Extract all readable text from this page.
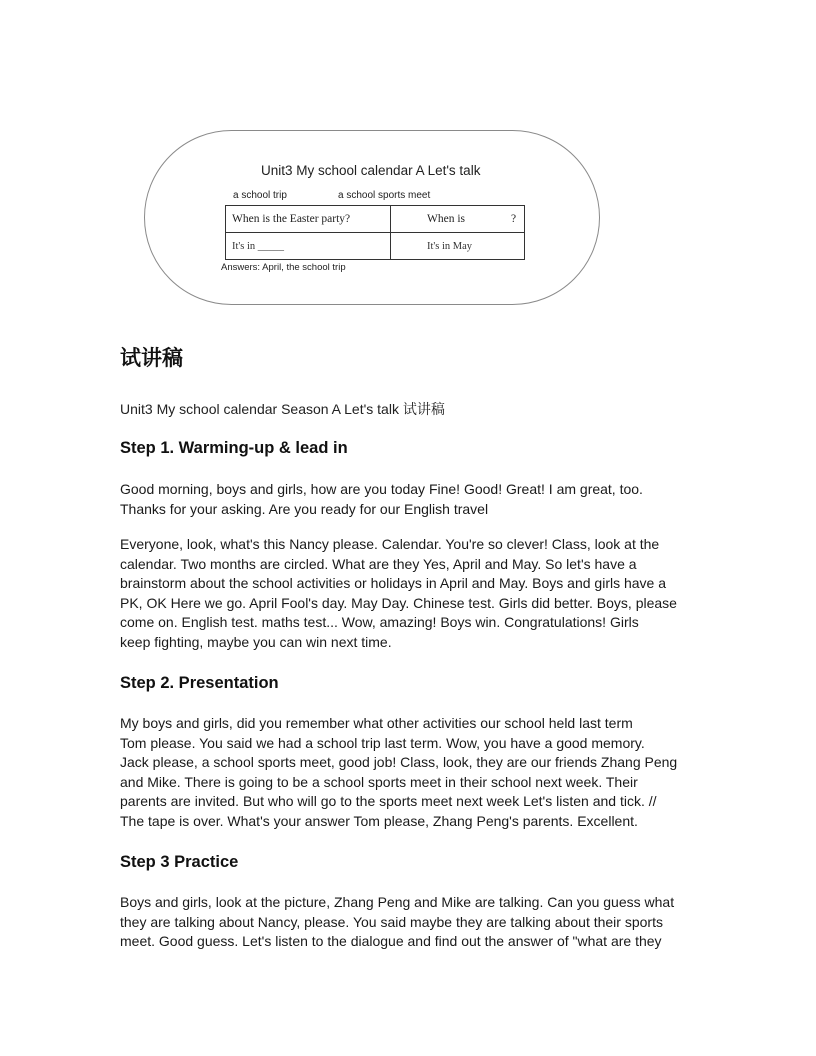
Unit3 My school calendar A Let's talk
a school trip	a school sports meet
When is the Easter party?	When is ?
It's in _____	It's in May
Answers: April, the school trip
试讲稿

Unit3 My school calendar Season A Let's talk 试讲稿

Step 1. Warming-up & lead in
Good morning, boys and girls, how are you today Fine! Good! Great! I am great, too.
Thanks for your asking. Are you ready for our English travel
Everyone, look, what's this Nancy please. Calendar. You're so clever! Class, look at the
calendar. Two months are circled. What are they Yes, April and May. So let's have a
brainstorm about the school activities or holidays in April and May. Boys and girls have a
PK, OK Here we go. April Fool's day. May Day. Chinese test. Girls did better. Boys, please
come on. English test. maths test... Wow, amazing! Boys win. Congratulations! Girls
keep fighting, maybe you can win next time.
Step 2. Presentation
My boys and girls, did you remember what other activities our school held last term
Tom please. You said we had a school trip last term. Wow, you have a good memory.
Jack please, a school sports meet, good job! Class, look, they are our friends Zhang Peng
and Mike. There is going to be a school sports meet in their school next week. Their
parents are invited. But who will go to the sports meet next week Let's listen and tick. //
The tape is over. What's your answer Tom please, Zhang Peng's parents. Excellent.
Step 3 Practice
Boys and girls, look at the picture, Zhang Peng and Mike are talking. Can you guess what
they are talking about Nancy, please. You said maybe they are talking about their sports
meet. Good guess. Let's listen to the dialogue and find out the answer of "what are they
